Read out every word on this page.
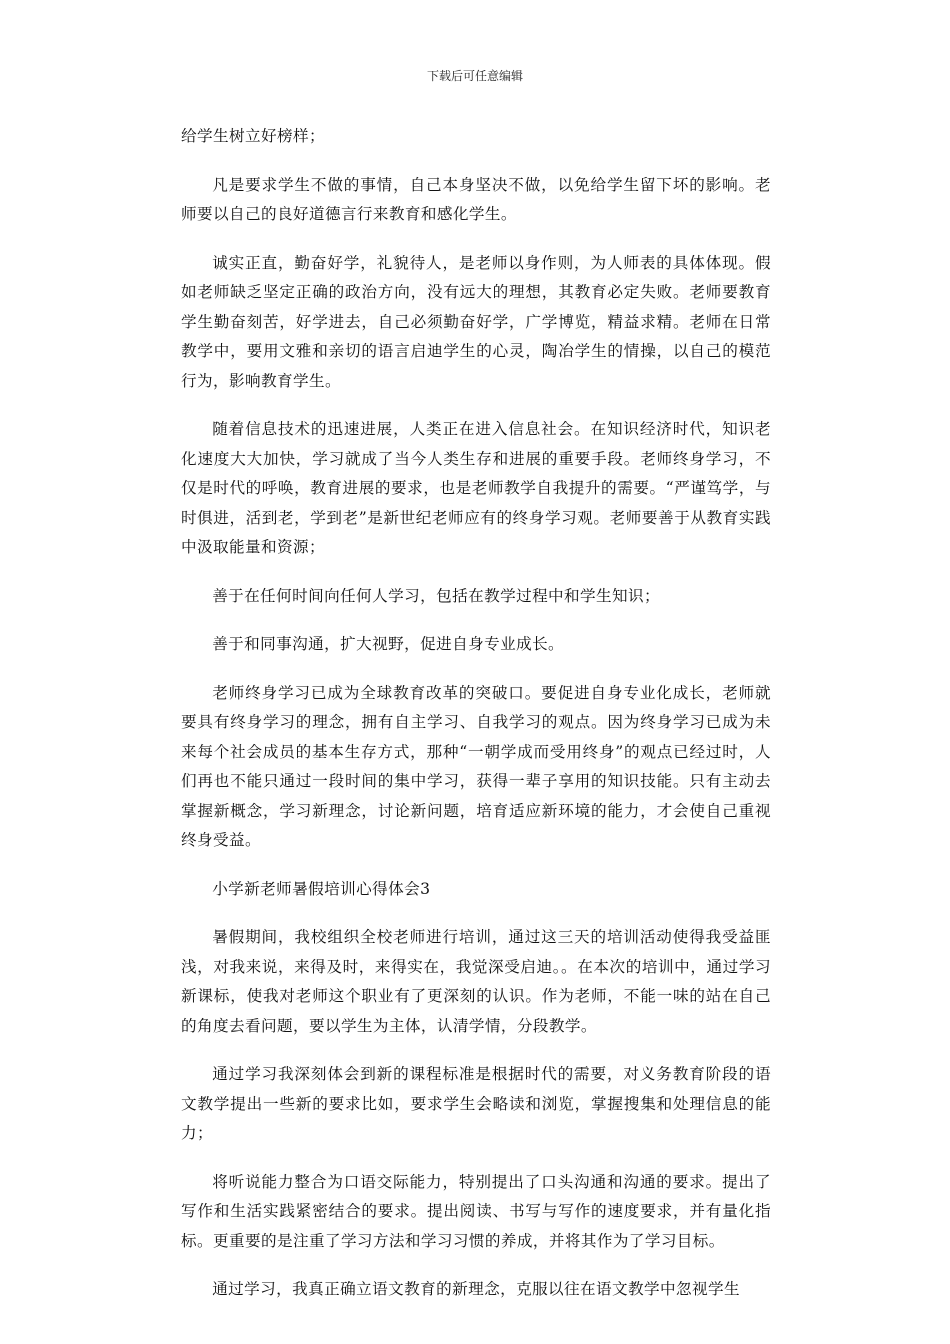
下载后可任意编辑

给学生树立好榜样；

凡是要求学生不做的事情，自己本身坚决不做，以免给学生留下坏的影响。老师要以自己的良好道德言行来教育和感化学生。

诚实正直，勤奋好学，礼貌待人，是老师以身作则，为人师表的具体体现。假如老师缺乏坚定正确的政治方向，没有远大的理想，其教育必定失败。老师要教育学生勤奋刻苦，好学进去，自己必须勤奋好学，广学博览，精益求精。老师在日常教学中，要用文雅和亲切的语言启迪学生的心灵，陶冶学生的情操，以自己的模范行为，影响教育学生。

随着信息技术的迅速进展，人类正在进入信息社会。在知识经济时代，知识老化速度大大加快，学习就成了当今人类生存和进展的重要手段。老师终身学习，不仅是时代的呼唤，教育进展的要求，也是老师教学自我提升的需要。“严谨笃学，与时俱进，活到老，学到老”是新世纪老师应有的终身学习观。老师要善于从教育实践中汲取能量和资源；

善于在任何时间向任何人学习，包括在教学过程中和学生知识；

善于和同事沟通，扩大视野，促进自身专业成长。

老师终身学习已成为全球教育改革的突破口。要促进自身专业化成长，老师就要具有终身学习的理念，拥有自主学习、自我学习的观点。因为终身学习已成为未来每个社会成员的基本生存方式，那种“一朝学成而受用终身”的观点已经过时，人们再也不能只通过一段时间的集中学习，获得一辈子享用的知识技能。只有主动去掌握新概念，学习新理念，讨论新问题，培育适应新环境的能力，才会使自己重视终身受益。

小学新老师暑假培训心得体会3

暑假期间，我校组织全校老师进行培训，通过这三天的培训活动使得我受益匪浅，对我来说，来得及时，来得实在，我觉深受启迪。。在本次的培训中，通过学习新课标，使我对老师这个职业有了更深刻的认识。作为老师，不能一味的站在自己的角度去看问题，要以学生为主体，认清学情，分段教学。

通过学习我深刻体会到新的课程标准是根据时代的需要，对义务教育阶段的语文教学提出一些新的要求比如，要求学生会略读和浏览，掌握搜集和处理信息的能力；

将听说能力整合为口语交际能力，特别提出了口头沟通和沟通的要求。提出了写作和生活实践紧密结合的要求。提出阅读、书写与写作的速度要求，并有量化指标。更重要的是注重了学习方法和学习习惯的养成，并将其作为了学习目标。

通过学习，我真正确立语文教育的新理念，克服以往在语文教学中忽视学生
